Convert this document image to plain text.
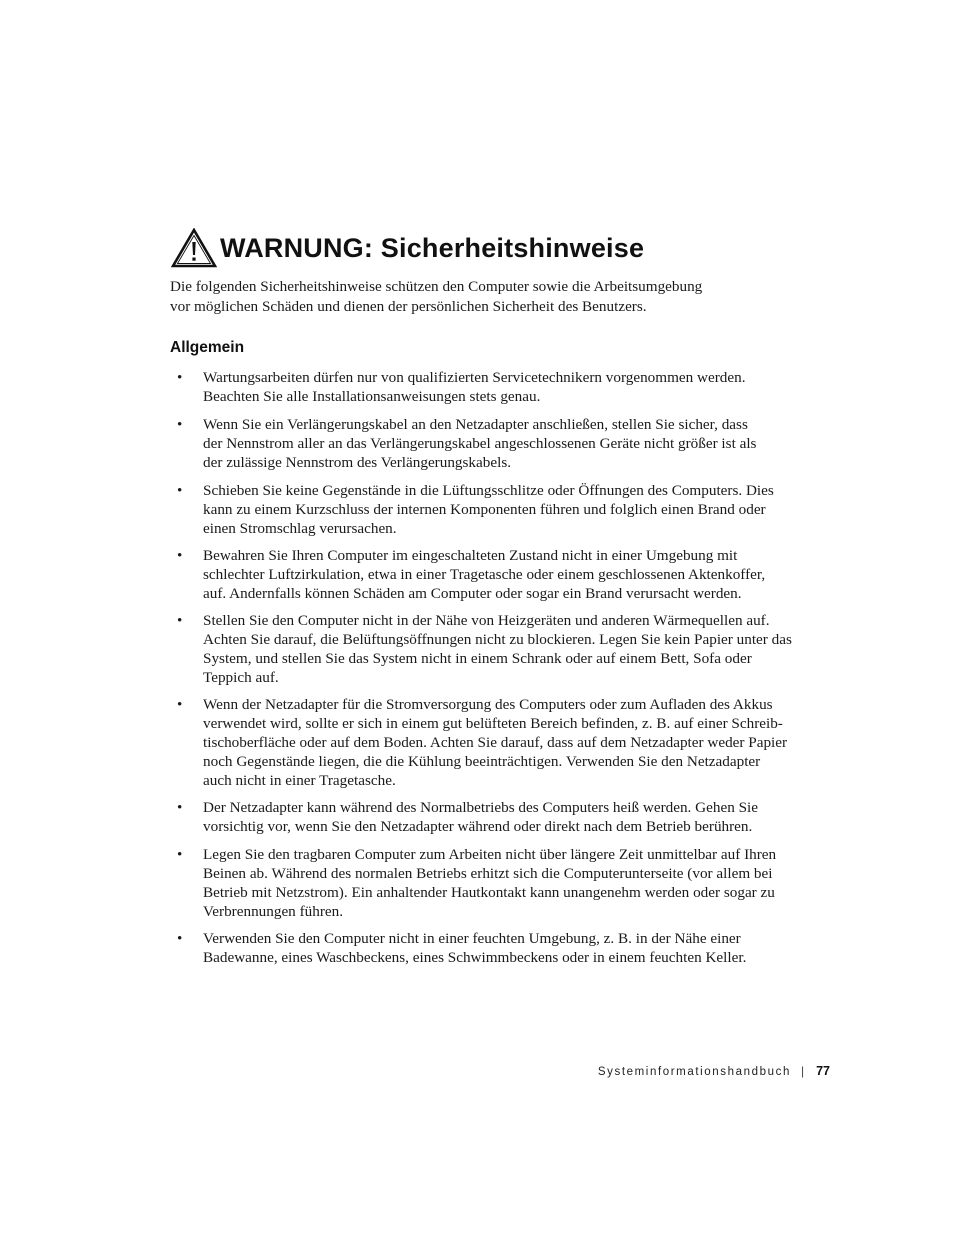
WARNUNG: Sicherheitshinweise

Die folgenden Sicherheitshinweise schützen den Computer sowie die Arbeitsumgebung
vor möglichen Schäden und dienen der persönlichen Sicherheit des Benutzers.

Allgemein
•	Wartungsarbeiten dürfen nur von qualifizierten Servicetechnikern vorgenommen werden.
Beachten Sie alle Installationsanweisungen stets genau.
•	Wenn Sie ein Verlängerungskabel an den Netzadapter anschließen, stellen Sie sicher, dass
der Nennstrom aller an das Verlängerungskabel angeschlossenen Geräte nicht größer ist als
der zulässige Nennstrom des Verlängerungskabels.
•	Schieben Sie keine Gegenstände in die Lüftungsschlitze oder Öffnungen des Computers. Dies
kann zu einem Kurzschluss der internen Komponenten führen und folglich einen Brand oder
einen Stromschlag verursachen.
•	Bewahren Sie Ihren Computer im eingeschalteten Zustand nicht in einer Umgebung mit
schlechter Luftzirkulation, etwa in einer Tragetasche oder einem geschlossenen Aktenkoffer,
auf. Andernfalls können Schäden am Computer oder sogar ein Brand verursacht werden.
•	Stellen Sie den Computer nicht in der Nähe von Heizgeräten und anderen Wärmequellen auf.
Achten Sie darauf, die Belüftungsöffnungen nicht zu blockieren. Legen Sie kein Papier unter das
System, und stellen Sie das System nicht in einem Schrank oder auf einem Bett, Sofa oder
Teppich auf.
•	Wenn der Netzadapter für die Stromversorgung des Computers oder zum Aufladen des Akkus
verwendet wird, sollte er sich in einem gut belüfteten Bereich befinden, z. B. auf einer Schreib-
tischoberfläche oder auf dem Boden. Achten Sie darauf, dass auf dem Netzadapter weder Papier
noch Gegenstände liegen, die die Kühlung beeinträchtigen. Verwenden Sie den Netzadapter
auch nicht in einer Tragetasche.
•	Der Netzadapter kann während des Normalbetriebs des Computers heiß werden. Gehen Sie
vorsichtig vor, wenn Sie den Netzadapter während oder direkt nach dem Betrieb berühren.
•	Legen Sie den tragbaren Computer zum Arbeiten nicht über längere Zeit unmittelbar auf Ihren
Beinen ab. Während des normalen Betriebs erhitzt sich die Computerunterseite (vor allem bei
Betrieb mit Netzstrom). Ein anhaltender Hautkontakt kann unangenehm werden oder sogar zu
Verbrennungen führen.
•	Verwenden Sie den Computer nicht in einer feuchten Umgebung, z. B. in der Nähe einer
Badewanne, eines Waschbeckens, eines Schwimmbeckens oder in einem feuchten Keller.
Systeminformationshandbuch | 77
